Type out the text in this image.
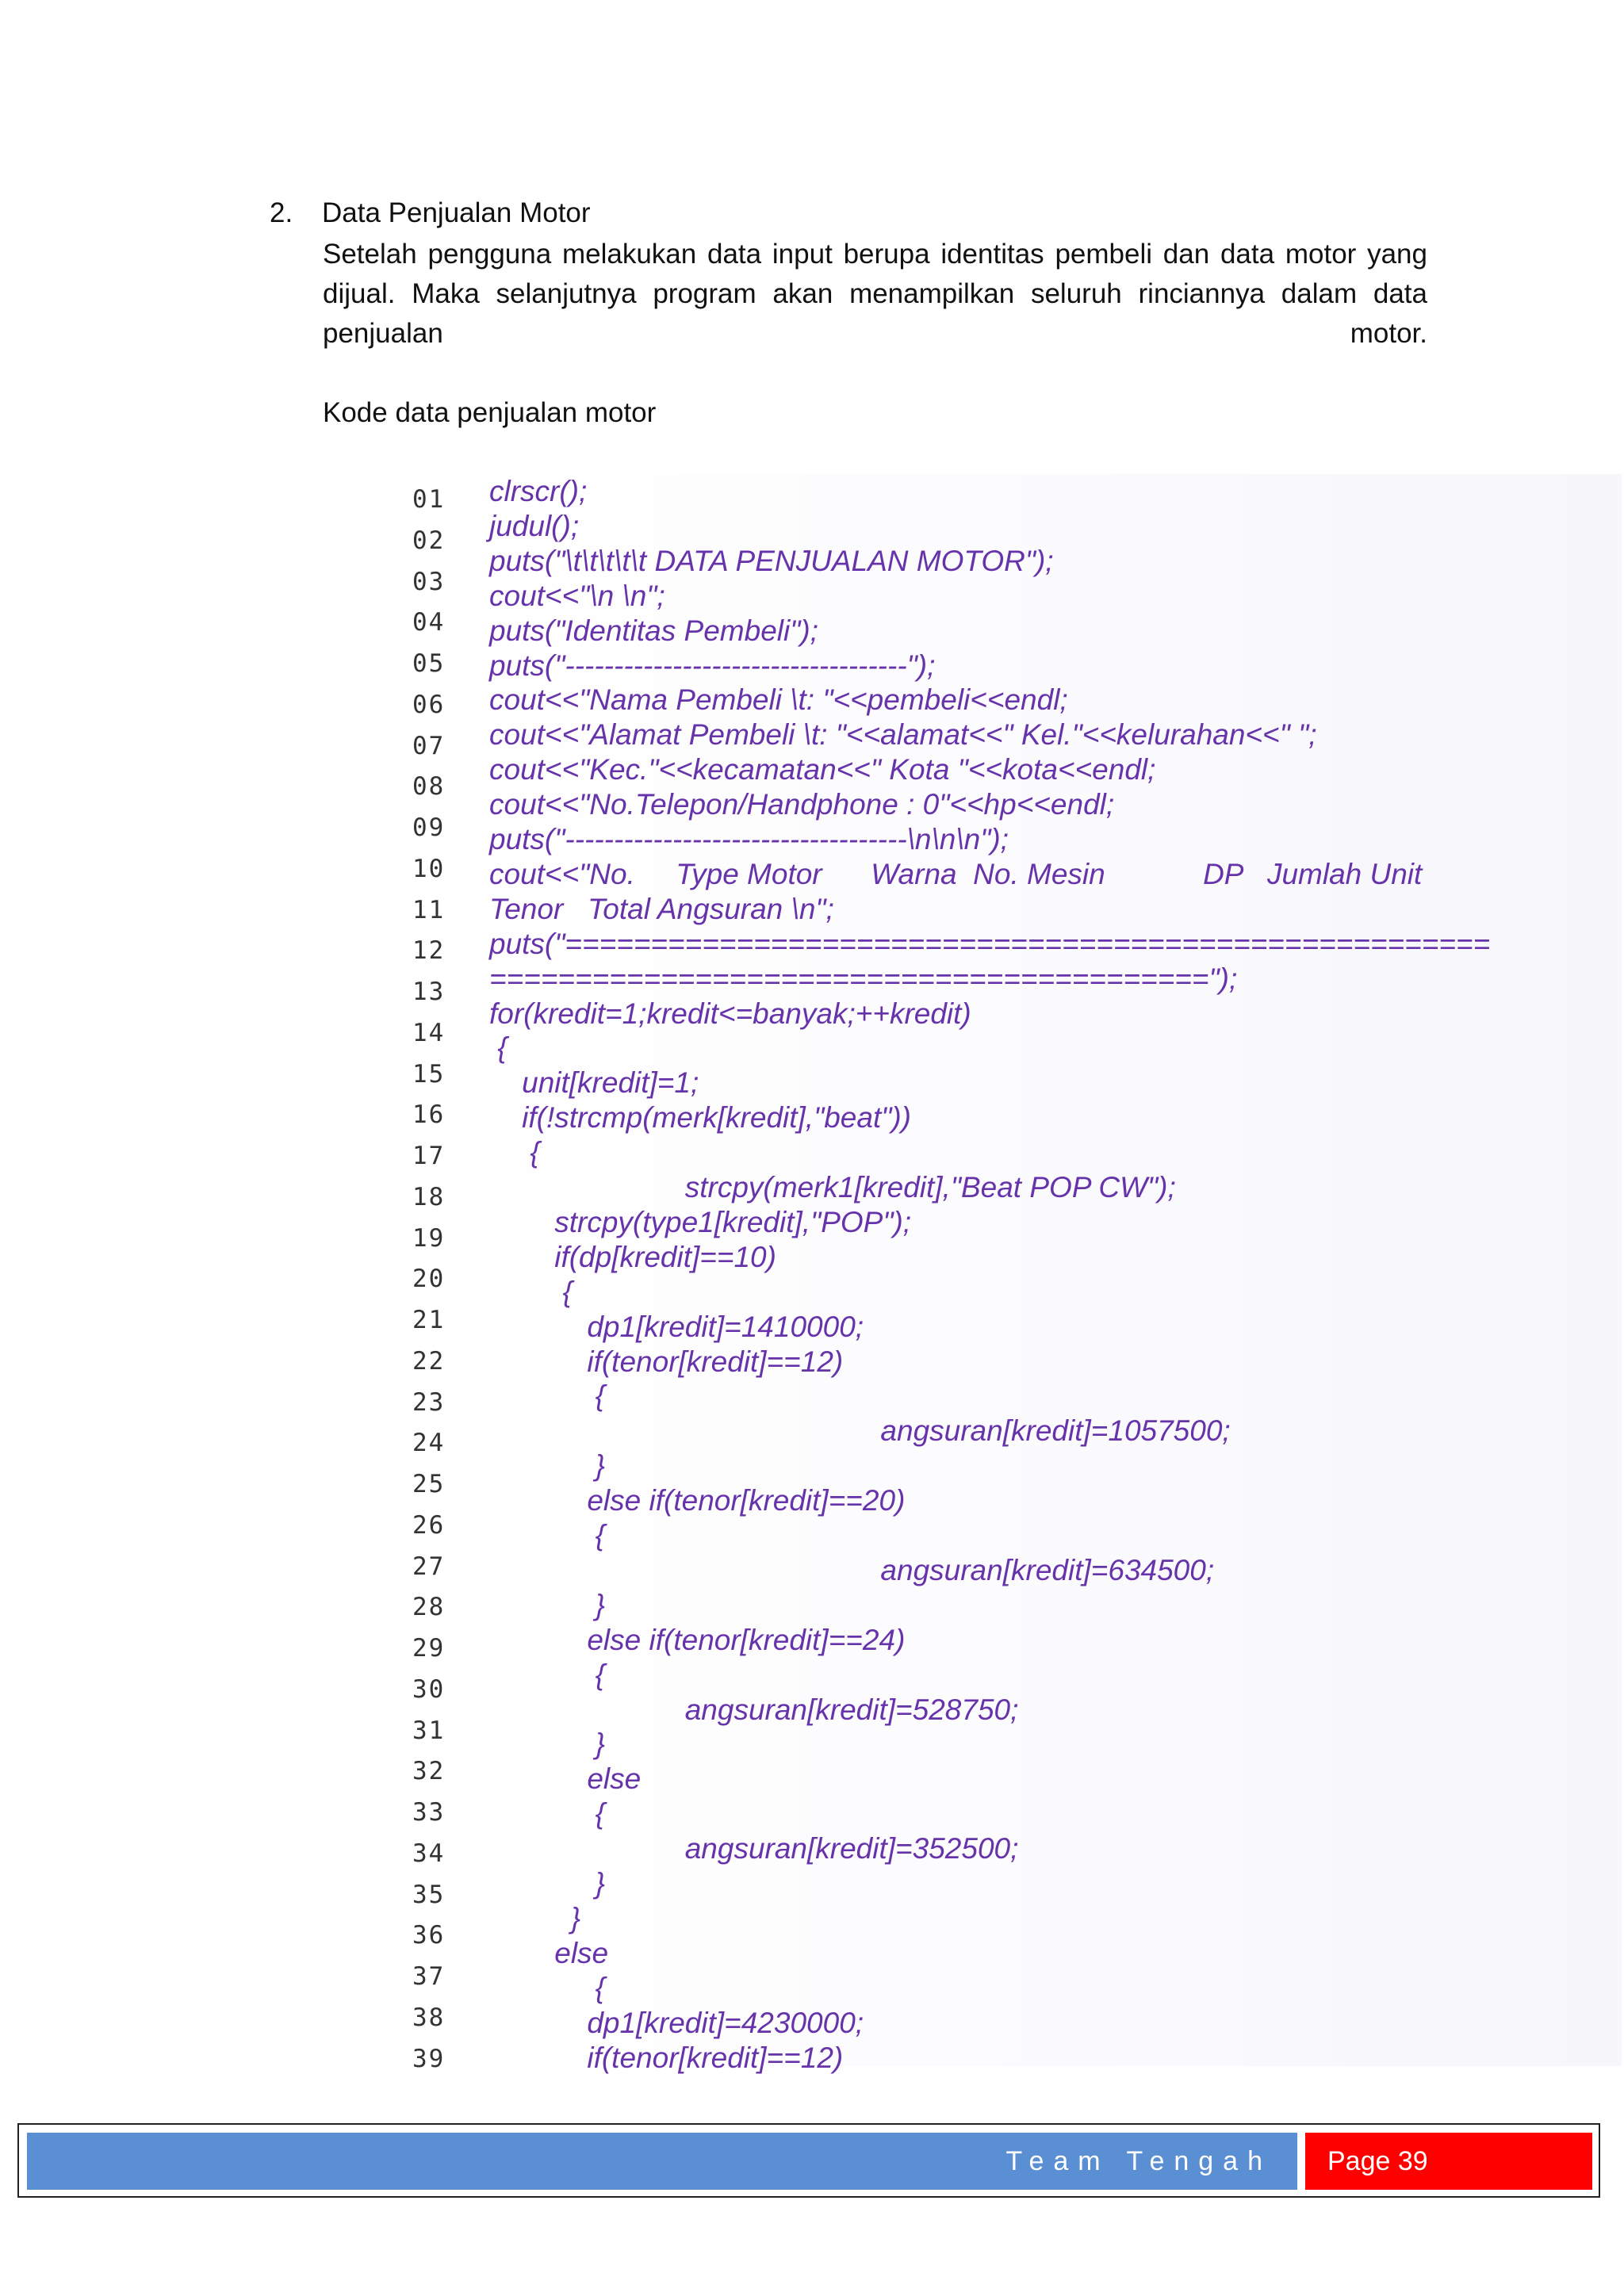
2. Data Penjualan Motor
Setelah pengguna melakukan data input berupa identitas pembeli dan data motor yang dijual. Maka selanjutnya program akan menampilkan seluruh rinciannya dalam data penjualan motor.
Kode data penjualan motor
01
02
03
04
05
06
07
08
09
10
11
12
13
14
15
16
17
18
19
20
21
22
23
24
25
26
27
28
29
30
31
32
33
34
35
36
37
38
39
clrscr();
judul();
puts("\t\t\t\t\t DATA PENJUALAN MOTOR");
cout<<"\n \n";
puts("Identitas Pembeli");
puts("-----------------------------------");
cout<<"Nama Pembeli \t: "<<pembeli<<endl;
cout<<"Alamat Pembeli \t: "<<alamat<<" Kel."<<kelurahan<<" ";
cout<<"Kec."<<kecamatan<<" Kota "<<kota<<endl;
cout<<"No.Telepon/Handphone : 0"<<hp<<endl;
puts("-----------------------------------\n\n\n");
cout<<"No.     Type Motor      Warna  No. Mesin            DP   Jumlah Unit
Tenor   Total Angsuran \n";
puts("======================================================
==========================================");
for(kredit=1;kredit<=banyak;++kredit)
{
unit[kredit]=1;
if(!strcmp(merk[kredit],"beat"))
{
strcpy(merk1[kredit],"Beat POP CW");
strcpy(type1[kredit],"POP");
if(dp[kredit]==10)
{
dp1[kredit]=1410000;
if(tenor[kredit]==12)
{
angsuran[kredit]=1057500;
}
else if(tenor[kredit]==20)
{
angsuran[kredit]=634500;
}
else if(tenor[kredit]==24)
{
angsuran[kredit]=528750;
}
else
{
angsuran[kredit]=352500;
}
}
else
{
dp1[kredit]=4230000;
if(tenor[kredit]==12)
Team Tengah Page 39
